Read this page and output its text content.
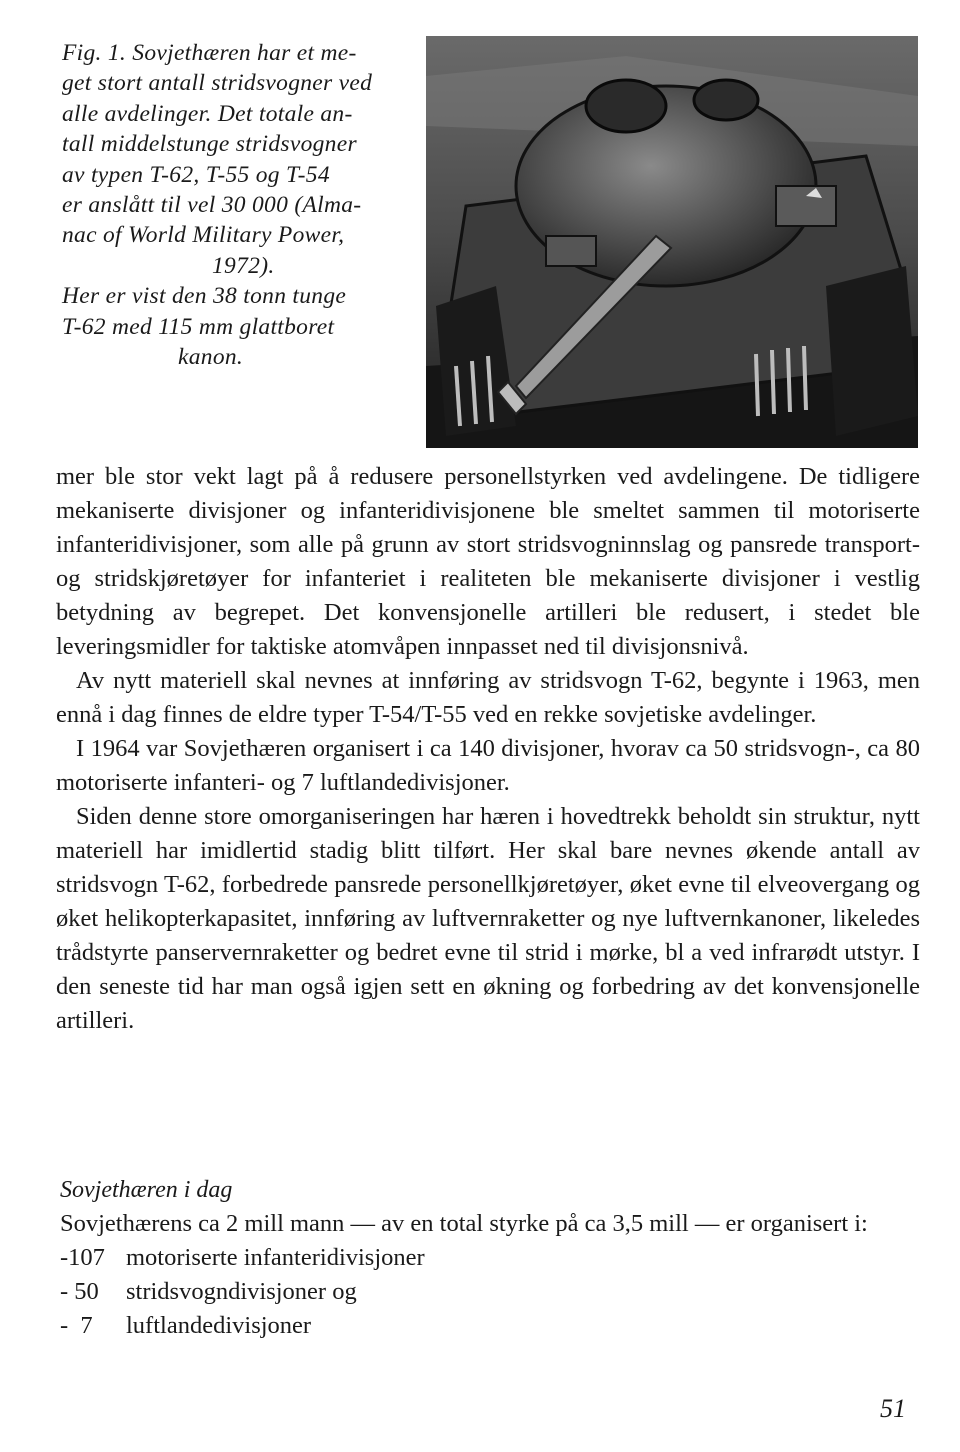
Fig. 1. Sovjethæren har et me-

get stort antall stridsvogner ved

alle avdelinger. Det totale an-

tall middelstunge stridsvogner

av typen T-62, T-55 og T-54

er anslått til vel 30 000 (Alma-

nac of World Military Power,

1972).

Her er vist den 38 tonn tunge

T-62 med 115 mm glattboret

kanon.

mer ble stor vekt lagt på å redusere personellstyrken ved avdelingene. De tidligere mekaniserte divisjoner og infanteridivisjonene ble smeltet sammen til motoriserte infanteridivisjoner, som alle på grunn av stort stridsvogninnslag og pansrede transport- og stridskjøretøyer for infanteriet i realiteten ble mekaniserte divisjoner i vestlig betydning av begrepet. Det konvensjonelle artilleri ble redusert, i stedet ble leveringsmidler for taktiske atomvåpen innpasset ned til divisjonsnivå.

Av nytt materiell skal nevnes at innføring av stridsvogn T-62, begynte i 1963, men ennå i dag finnes de eldre typer T-54/T-55 ved en rekke sovjetiske avdelinger.

I 1964 var Sovjethæren organisert i ca 140 divisjoner, hvorav ca 50 stridsvogn-, ca 80 motoriserte infanteri- og 7 luftlandedivisjoner.

Siden denne store omorganiseringen har hæren i hovedtrekk beholdt sin struktur, nytt materiell har imidlertid stadig blitt tilført. Her skal bare nevnes økende antall av stridsvogn T-62, forbedrede pansrede personellkjøretøyer, øket evne til elveovergang og øket helikopterkapasitet, innføring av luftvernraketter og nye luftvernkanoner, likeledes trådstyrte panservernraketter og bedret evne til strid i mørke, bl a ved infrarødt utstyr. I den seneste tid har man også igjen sett en økning og forbedring av det konvensjonelle artilleri.

Sovjethæren i dag

Sovjethærens ca 2 mill mann — av en total styrke på ca 3,5 mill — er organisert i:

-107 motoriserte infanteridivisjoner
- 50	stridsvogndivisjoner og
-  7	luftlandedivisjoner
51
